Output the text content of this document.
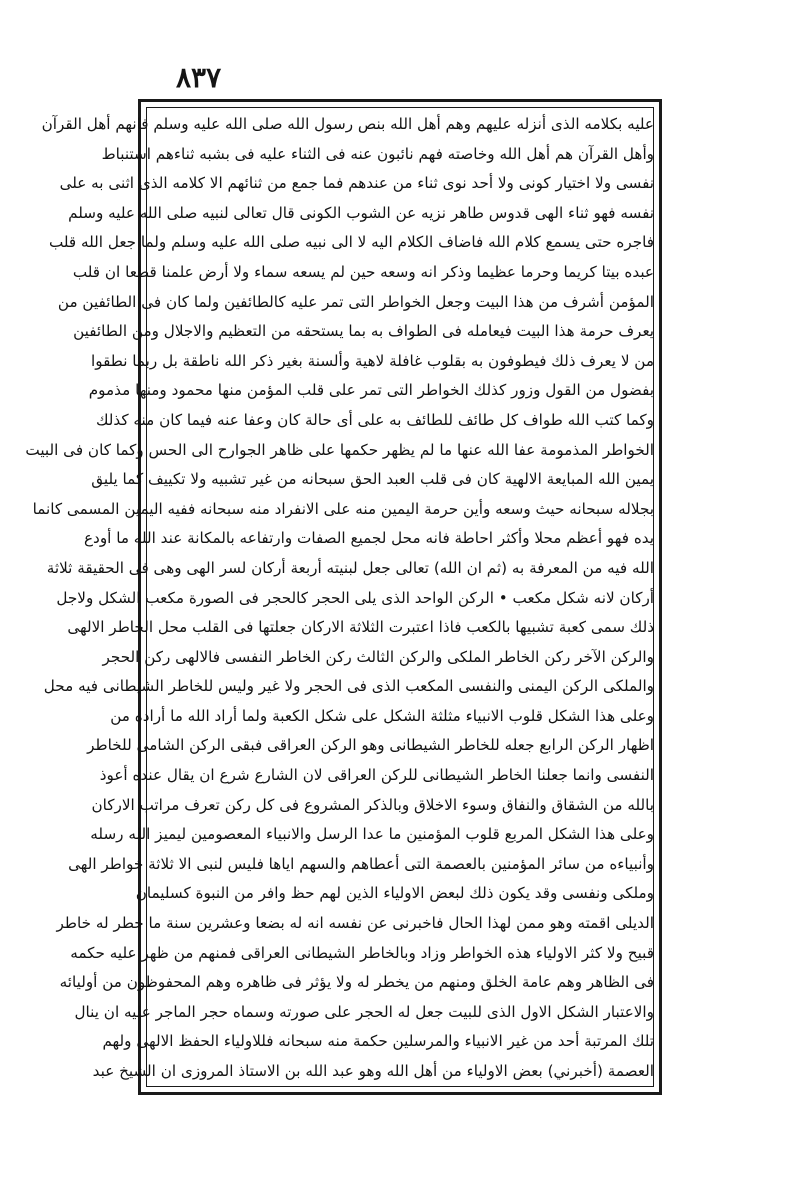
٨٣٧
عليه بكلامه الذى أنزله عليهم وهم أهل الله بنص رسول الله صلى الله عليه وسلم فانهم أهل القرآن
وأهل القرآن هم أهل الله وخاصته فهم نائبون عنه فى الثناء عليه فى بشبه ثناءهم استنباط
نفسى ولا اختيار كونى ولا أحد نوى ثناء من عندهم فما جمع من ثنائهم الا كلامه الذى اثنى به على
نفسه فهو ثناء الهى قدوس طاهر نزيه عن الشوب الكونى قال تعالى لنبيه صلى الله عليه وسلم
فاجره حتى يسمع كلام الله فاضاف الكلام اليه لا الى نبيه صلى الله عليه وسلم ولما جعل الله قلب
عبده بيتا كريما وحرما عظيما وذكر انه وسعه حين لم يسعه سماء ولا أرض علمنا قطعا ان قلب
المؤمن أشرف من هذا البيت وجعل الخواطر التى تمر عليه كالطائفين ولما كان فى الطائفين من
يعرف حرمة هذا البيت فيعامله فى الطواف به بما يستحقه من التعظيم والاجلال ومن الطائفين
من لا يعرف ذلك فيطوفون به بقلوب غافلة لاهية وألسنة بغير ذكر الله ناطقة بل ربما نطقوا
بفضول من القول وزور كذلك الخواطر التى تمر على قلب المؤمن منها محمود ومنها مذموم
وكما كتب الله طواف كل طائف للطائف به على أى حالة كان وعفا عنه فيما كان منه كذلك
الخواطر المذمومة عفا الله عنها ما لم يظهر حكمها على ظاهر الجوارح الى الحس وكما كان فى البيت
يمين الله المبايعة الالهية كان فى قلب العبد الحق سبحانه من غير تشبيه ولا تكييف كما يليق
بجلاله سبحانه حيث وسعه وأين حرمة اليمين منه على الانفراد منه سبحانه ففيه اليمين المسمى كانما
يده فهو أعظم محلا وأكثر احاطة فانه محل لجميع الصفات وارتفاعه بالمكانة عند الله ما أودع
الله فيه من المعرفة به (ثم ان الله) تعالى جعل لبنيته أربعة أركان لسر الهى وهى فى الحقيقة ثلاثة
أركان لانه شكل مكعب • الركن الواحد الذى يلى الحجر كالحجر فى الصورة مكعب الشكل ولاجل
ذلك سمى كعبة تشبيها بالكعب فاذا اعتبرت الثلاثة الاركان جعلتها فى القلب محل الخاطر الالهى
والركن الآخر ركن الخاطر الملكى والركن الثالث ركن الخاطر النفسى فالالهى ركن الحجر
والملكى الركن اليمنى والنفسى المكعب الذى فى الحجر ولا غير وليس للخاطر الشيطانى فيه محل
وعلى هذا الشكل قلوب الانبياء مثلثة الشكل على شكل الكعبة ولما أراد الله ما أراده من
اظهار الركن الرابع جعله للخاطر الشيطانى وهو الركن العراقى فبقى الركن الشامى للخاطر
النفسى وانما جعلنا الخاطر الشيطانى للركن العراقى لان الشارع شرع ان يقال عنده أعوذ
بالله من الشقاق والنفاق وسوء الاخلاق وبالذكر المشروع فى كل ركن تعرف مراتب الاركان
وعلى هذا الشكل المربع قلوب المؤمنين ما عدا الرسل والانبياء المعصومين ليميز الله رسله
وأنبياءه من سائر المؤمنين بالعصمة التى أعطاهم والسهم اياها فليس لنبى الا ثلاثة خواطر الهى
وملكى ونفسى وقد يكون ذلك لبعض الاولياء الذين لهم حظ وافر من النبوة كسليمان
الديلى اقمته وهو ممن لهذا الحال فاخبرنى عن نفسه انه له بضعا وعشرين سنة ما خطر له خاطر
قبيح ولا كثر الاولياء هذه الخواطر وزاد وبالخاطر الشيطانى العراقى فمنهم من ظهر عليه حكمه
فى الظاهر وهم عامة الخلق ومنهم من يخطر له ولا يؤثر فى ظاهره وهم المحفوظون من أوليائه
والاعتبار الشكل الاول الذى للبيت جعل له الحجر على صورته وسماه حجر الماجر عليه ان ينال
تلك المرتبة أحد من غير الانبياء والمرسلين حكمة منه سبحانه فللاولياء الحفظ الالهى ولهم
العصمة (أخبرني) بعض الاولياء من أهل الله وهو عبد الله بن الاستاذ المروزى ان الشيخ عبد
